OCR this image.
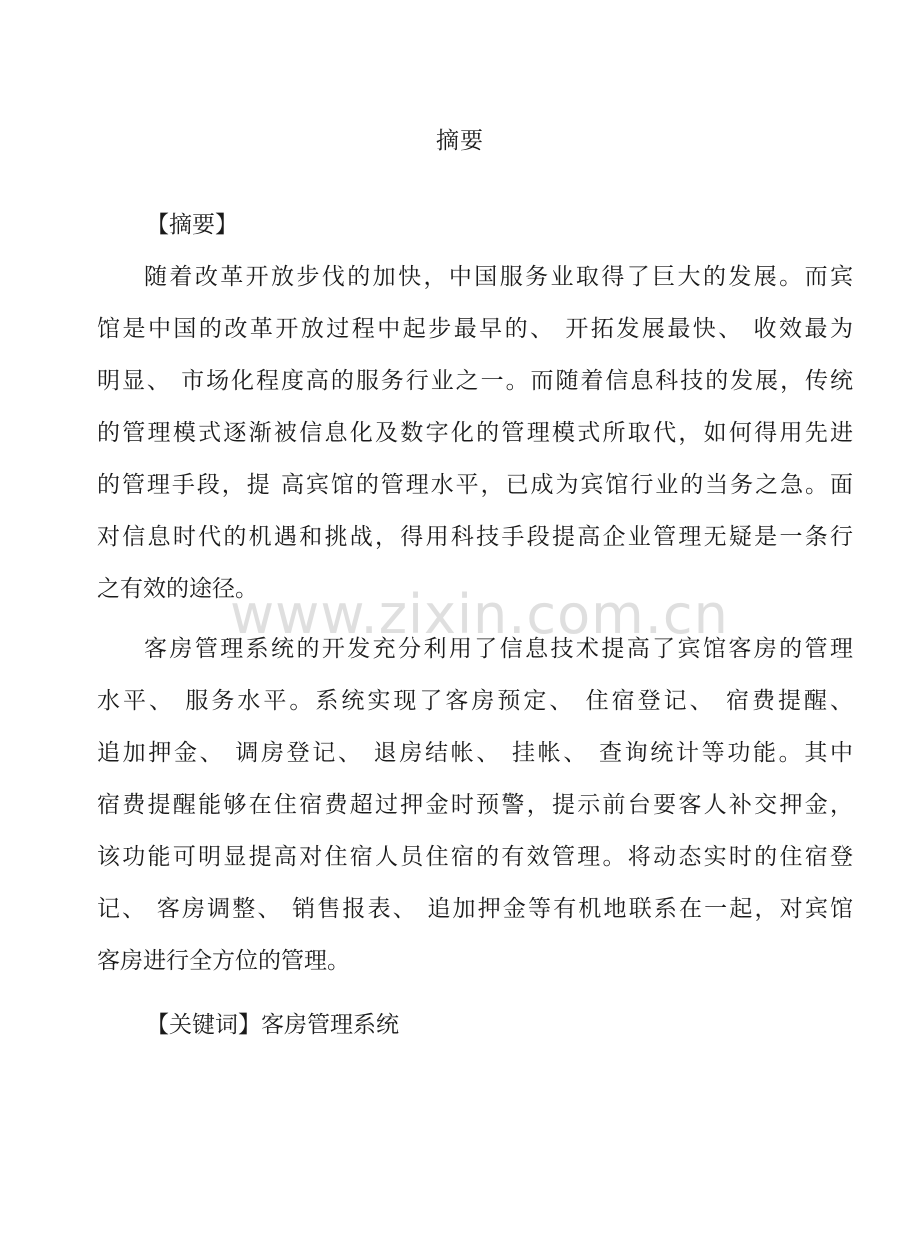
摘要
【摘要】
随着改革开放步伐的加快，中国服务业取得了巨大的发展。而宾
馆是中国的改革开放过程中起步最早的、 开拓发展最快、 收效最为
明显、 市场化程度高的服务行业之一。而随着信息科技的发展，传统
的管理模式逐渐被信息化及数字化的管理模式所取代，如何得用先进
的管理手段，提 高宾馆的管理水平，已成为宾馆行业的当务之急。面
对信息时代的机遇和挑战，得用科技手段提高企业管理无疑是一条行
之有效的途径。
客房管理系统的开发充分利用了信息技术提高了宾馆客房的管理
水平、 服务水平。系统实现了客房预定、 住宿登记、 宿费提醒、
追加押金、 调房登记、 退房结帐、 挂帐、 查询统计等功能。其中
宿费提醒能够在住宿费超过押金时预警，提示前台要客人补交押金，
该功能可明显提高对住宿人员住宿的有效管理。将动态实时的住宿登
记、 客房调整、 销售报表、 追加押金等有机地联系在一起，对宾馆
客房进行全方位的管理。
【关键词】客房管理系统
www.zixin.com.cn
